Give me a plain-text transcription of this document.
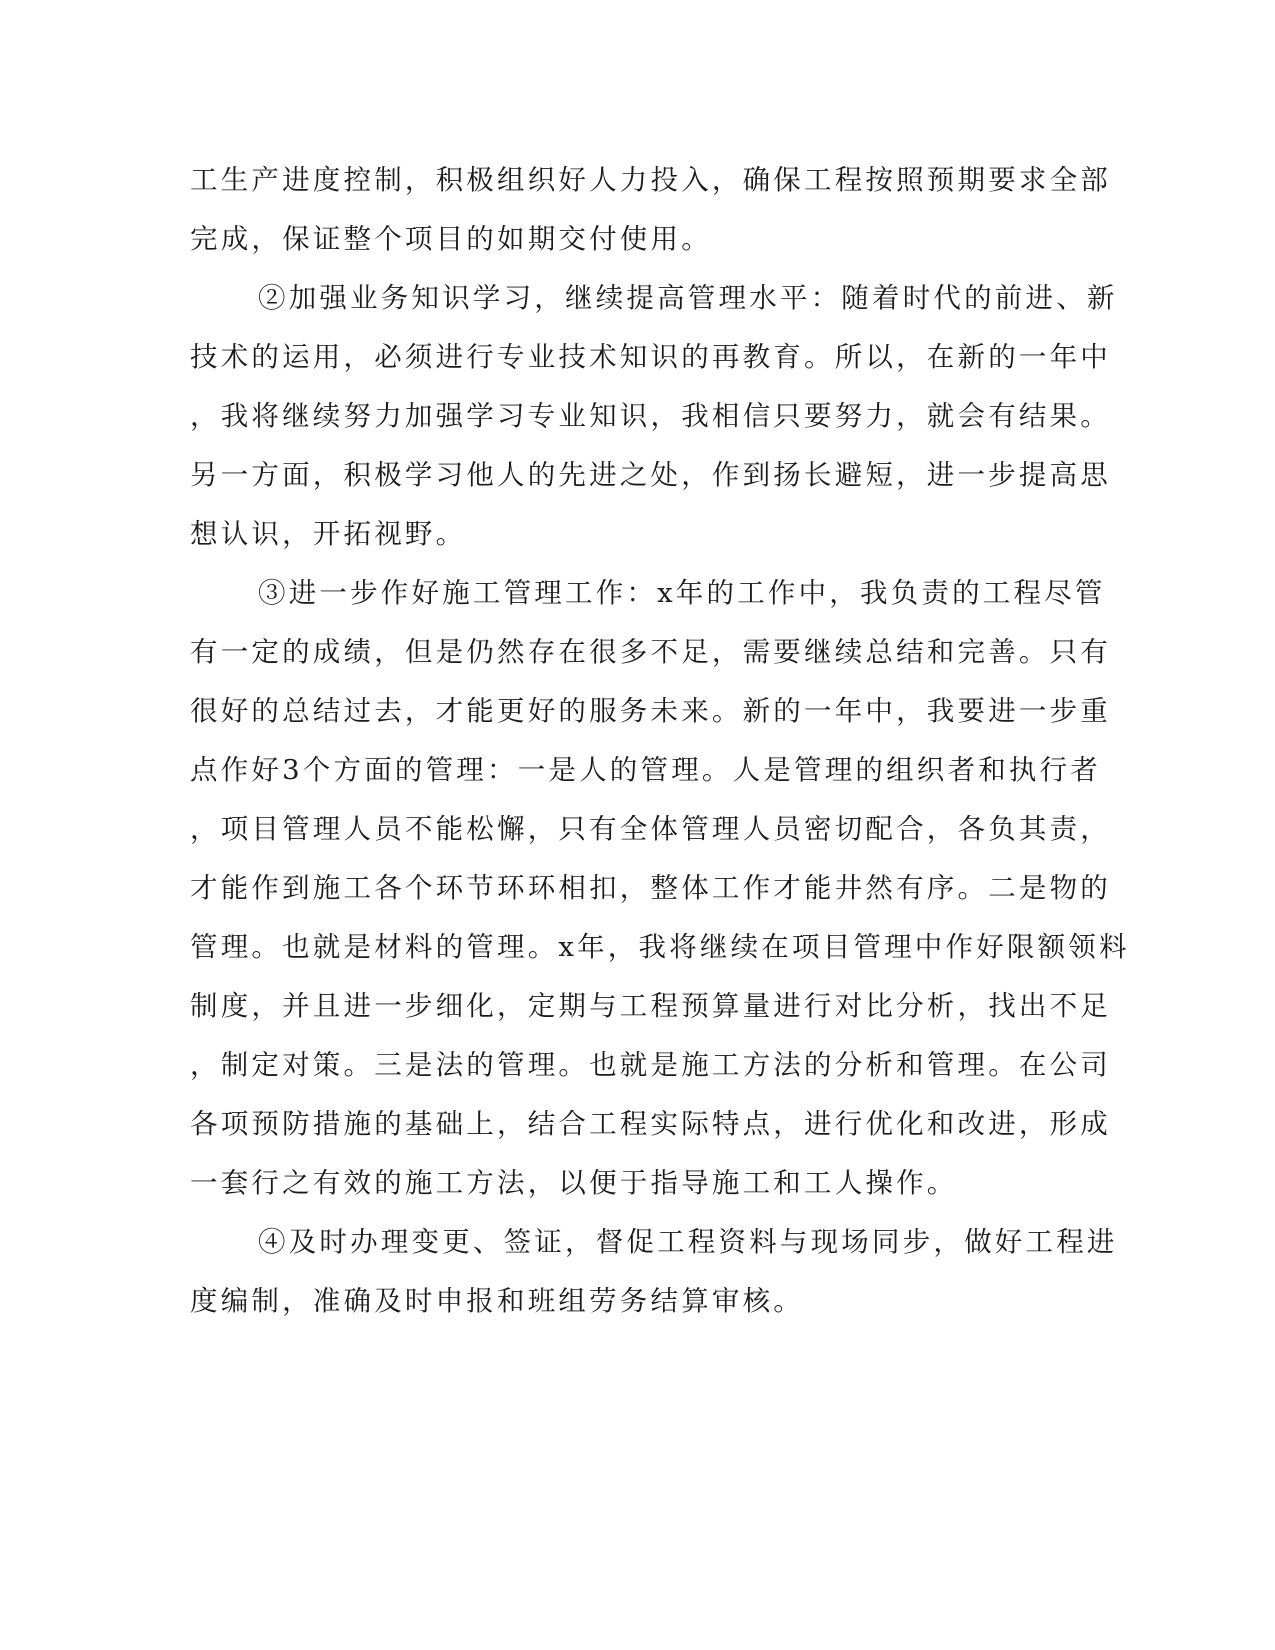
工生产进度控制，积极组织好人力投入，确保工程按照预期要求全部
完成，保证整个项目的如期交付使用。
②加强业务知识学习，继续提高管理水平：随着时代的前进、新
技术的运用，必须进行专业技术知识的再教育。所以，在新的一年中
，我将继续努力加强学习专业知识，我相信只要努力，就会有结果。
另一方面，积极学习他人的先进之处，作到扬长避短，进一步提高思
想认识，开拓视野。
③进一步作好施工管理工作：x年的工作中，我负责的工程尽管
有一定的成绩，但是仍然存在很多不足，需要继续总结和完善。只有
很好的总结过去，才能更好的服务未来。新的一年中，我要进一步重
点作好3个方面的管理：一是人的管理。人是管理的组织者和执行者
，项目管理人员不能松懈，只有全体管理人员密切配合，各负其责，
才能作到施工各个环节环环相扣，整体工作才能井然有序。二是物的
管理。也就是材料的管理。x年，我将继续在项目管理中作好限额领料
制度，并且进一步细化，定期与工程预算量进行对比分析，找出不足
，制定对策。三是法的管理。也就是施工方法的分析和管理。在公司
各项预防措施的基础上，结合工程实际特点，进行优化和改进，形成
一套行之有效的施工方法，以便于指导施工和工人操作。
④及时办理变更、签证，督促工程资料与现场同步，做好工程进
度编制，准确及时申报和班组劳务结算审核。
